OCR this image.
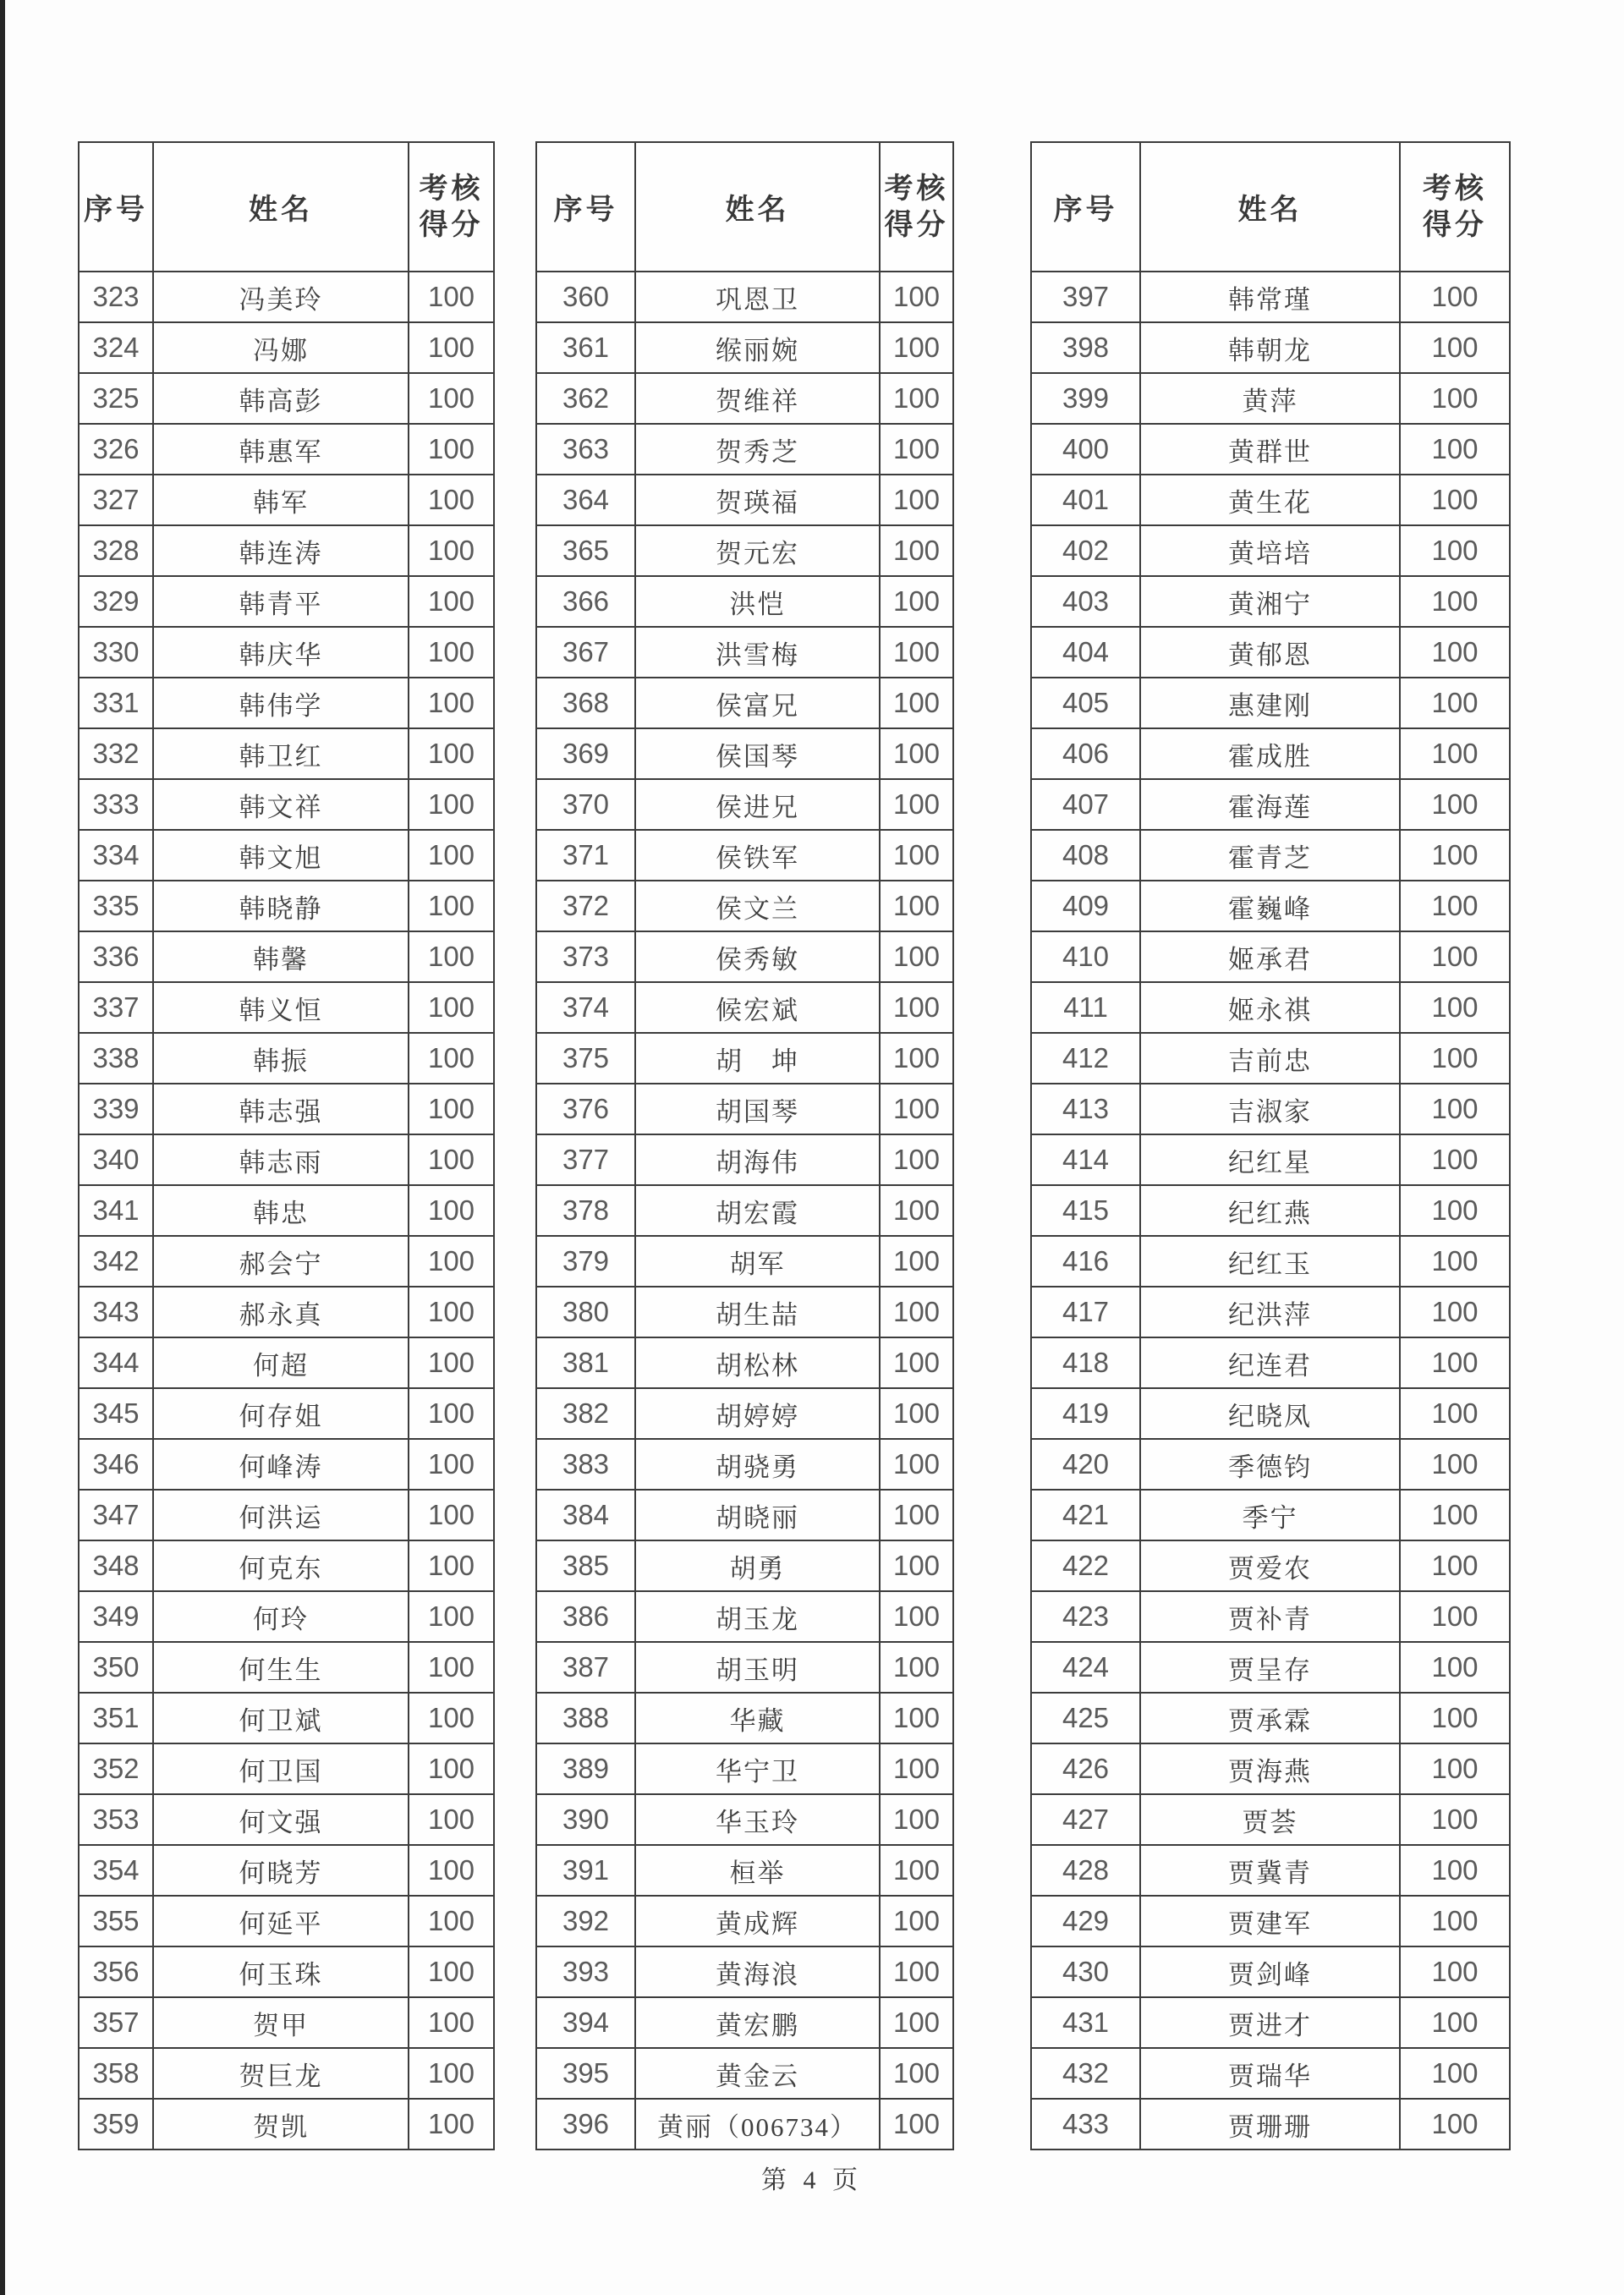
序号	姓名	考核
得分

323	冯美玲	100
324	冯娜	100
325	韩高彭	100
326	韩惠军	100
327	韩军	100
328	韩连涛	100
329	韩青平	100
330	韩庆华	100
331	韩伟学	100
332	韩卫红	100
333	韩文祥	100
334	韩文旭	100
335	韩晓静	100
336	韩馨	100
337	韩义恒	100
338	韩振	100
339	韩志强	100
340	韩志雨	100
341	韩忠	100
342	郝会宁	100
343	郝永真	100
344	何超	100
345	何存姐	100
346	何峰涛	100
347	何洪运	100
348	何克东	100
349	何玲	100
350	何生生	100
351	何卫斌	100
352	何卫国	100
353	何文强	100
354	何晓芳	100
355	何延平	100
356	何玉珠	100
357	贺甲	100
358	贺巨龙	100
359	贺凯	100
序号	姓名	考核
得分

360	巩恩卫	100
361	缑丽婉	100
362	贺维祥	100
363	贺秀芝	100
364	贺瑛福	100
365	贺元宏	100
366	洪恺	100
367	洪雪梅	100
368	侯富兄	100
369	侯国琴	100
370	侯进兄	100
371	侯铁军	100
372	侯文兰	100
373	侯秀敏	100
374	候宏斌	100
375	胡　坤	100
376	胡国琴	100
377	胡海伟	100
378	胡宏霞	100
379	胡军	100
380	胡生喆	100
381	胡松林	100
382	胡婷婷	100
383	胡骁勇	100
384	胡晓丽	100
385	胡勇	100
386	胡玉龙	100
387	胡玉明	100
388	华藏	100
389	华宁卫	100
390	华玉玲	100
391	桓举	100
392	黄成辉	100
393	黄海浪	100
394	黄宏鹏	100
395	黄金云	100
396	黄丽（006734）	100
序号	姓名	考核
得分

397	韩常瑾	100
398	韩朝龙	100
399	黄萍	100
400	黄群世	100
401	黄生花	100
402	黄培培	100
403	黄湘宁	100
404	黄郁恩	100
405	惠建刚	100
406	霍成胜	100
407	霍海莲	100
408	霍青芝	100
409	霍巍峰	100
410	姬承君	100
411	姬永祺	100
412	吉前忠	100
413	吉淑家	100
414	纪红星	100
415	纪红燕	100
416	纪红玉	100
417	纪洪萍	100
418	纪连君	100
419	纪晓凤	100
420	季德钧	100
421	季宁	100
422	贾爱农	100
423	贾补青	100
424	贾呈存	100
425	贾承霖	100
426	贾海燕	100
427	贾荟	100
428	贾冀青	100
429	贾建军	100
430	贾剑峰	100
431	贾进才	100
432	贾瑞华	100
433	贾珊珊	100
第 4 页
